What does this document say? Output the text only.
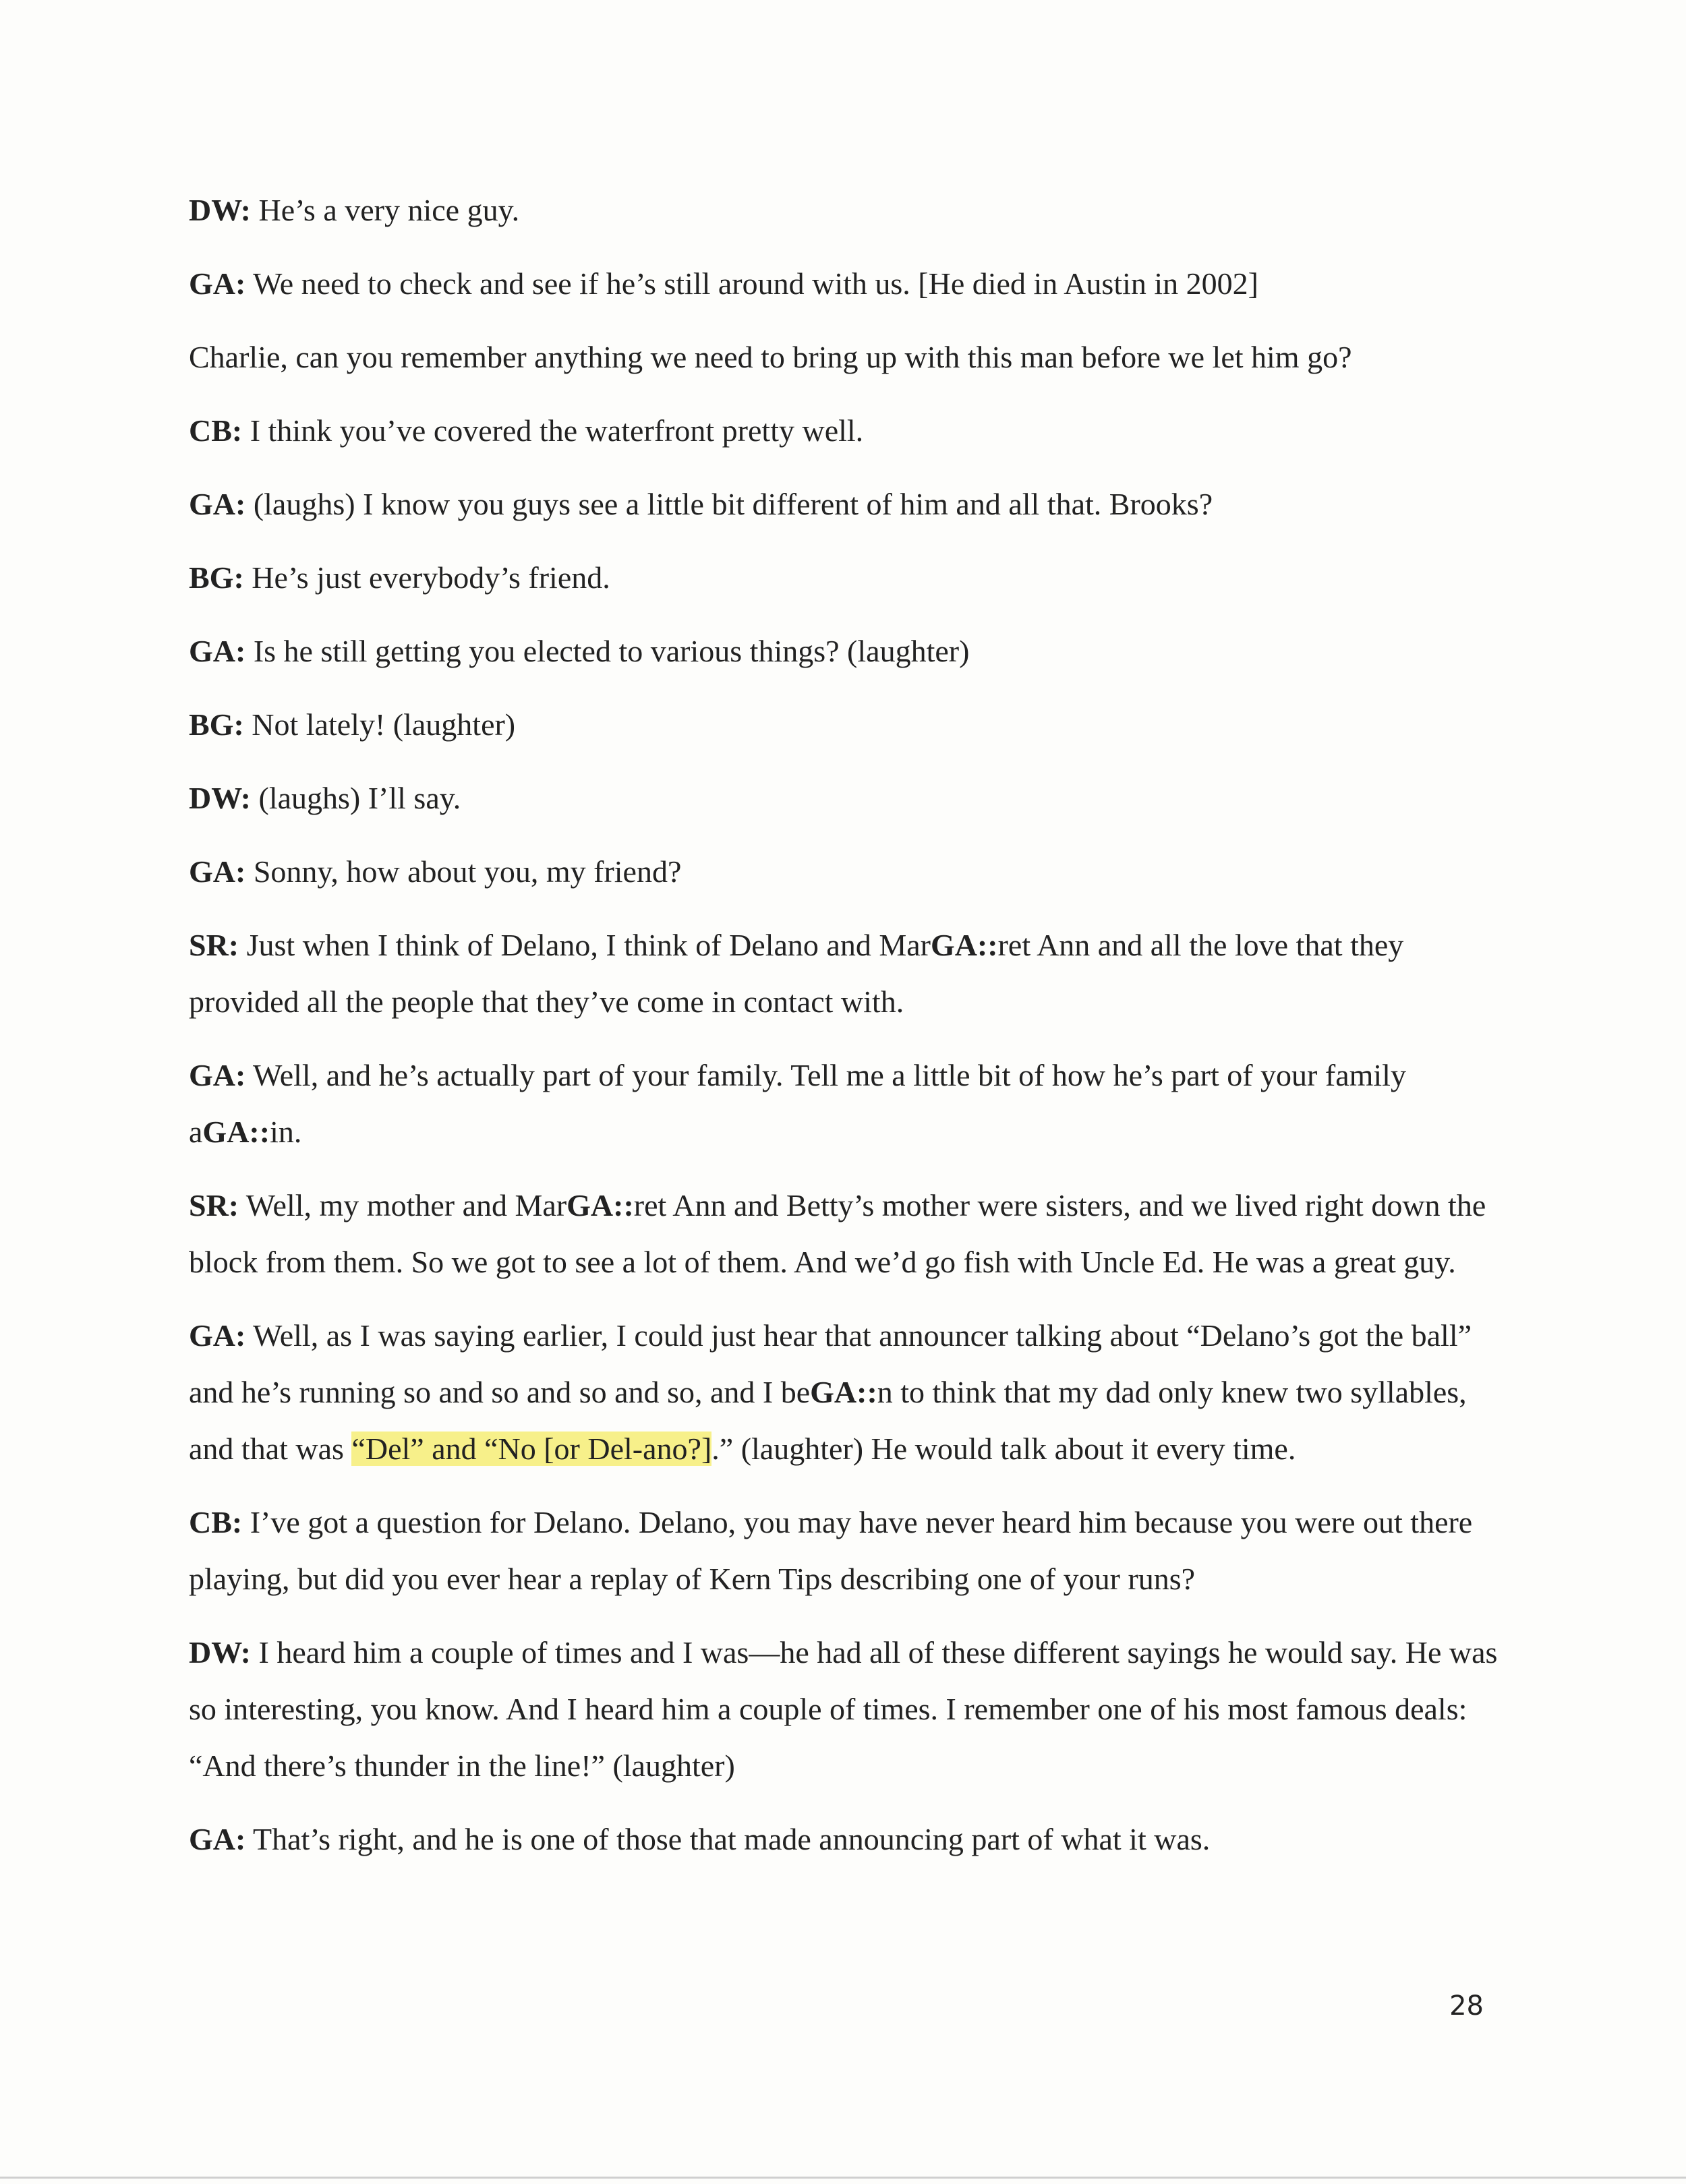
DW: He’s a very nice guy.

GA: We need to check and see if he’s still around with us. [He died in Austin in 2002]

Charlie, can you remember anything we need to bring up with this man before we let him go?

CB: I think you’ve covered the waterfront pretty well.

GA: (laughs) I know you guys see a little bit different of him and all that. Brooks?

BG: He’s just everybody’s friend.

GA: Is he still getting you elected to various things? (laughter)

BG: Not lately! (laughter)

DW: (laughs) I’ll say.

GA: Sonny, how about you, my friend?

SR: Just when I think of Delano, I think of Delano and MarGA::ret Ann and all the love that they provided all the people that they’ve come in contact with.

GA: Well, and he’s actually part of your family. Tell me a little bit of how he’s part of your family aGA::in.

SR: Well, my mother and MarGA::ret Ann and Betty’s mother were sisters, and we lived right down the block from them. So we got to see a lot of them. And we’d go fish with Uncle Ed. He was a great guy.

GA: Well, as I was saying earlier, I could just hear that announcer talking about “Delano’s got the ball” and he’s running so and so and so and so, and I beGA::n to think that my dad only knew two syllables, and that was “Del” and “No [or Del-ano?].” (laughter) He would talk about it every time.

CB: I’ve got a question for Delano. Delano, you may have never heard him because you were out there playing, but did you ever hear a replay of Kern Tips describing one of your runs?

DW: I heard him a couple of times and I was—he had all of these different sayings he would say. He was so interesting, you know. And I heard him a couple of times. I remember one of his most famous deals: “And there’s thunder in the line!” (laughter)

GA: That’s right, and he is one of those that made announcing part of what it was.

28
